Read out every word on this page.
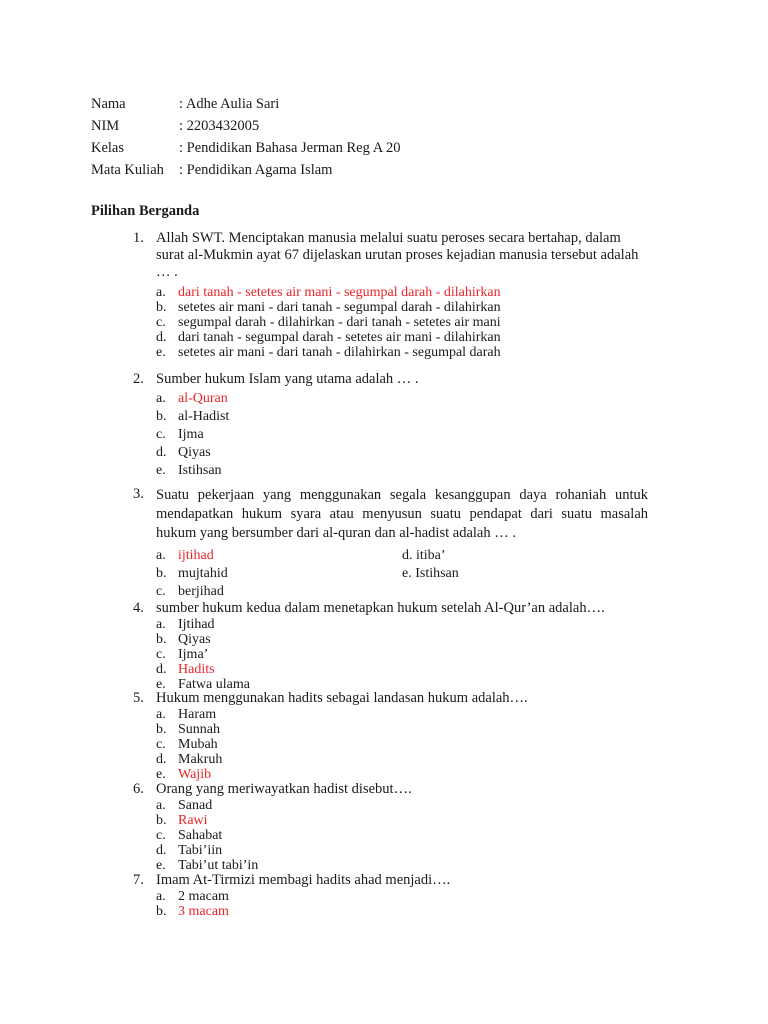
Nama	: Adhe Aulia Sari
NIM	: 2203432005
Kelas	: Pendidikan Bahasa Jerman Reg A 20
Mata Kuliah	: Pendidikan Agama Islam
Pilihan Berganda
1. Allah SWT. Menciptakan manusia melalui suatu peroses secara bertahap, dalam surat al-Mukmin ayat 67 dijelaskan urutan proses kejadian manusia tersebut adalah … .
a. dari tanah - setetes air mani - segumpal darah - dilahirkan
b. setetes air mani - dari tanah - segumpal darah - dilahirkan
c. segumpal darah - dilahirkan - dari tanah - setetes air mani
d. dari tanah - segumpal darah - setetes air mani - dilahirkan
e. setetes air mani - dari tanah - dilahirkan - segumpal darah
2. Sumber hukum Islam yang utama adalah … .
a. al-Quran
b. al-Hadist
c. Ijma
d. Qiyas
e. Istihsan
3. Suatu pekerjaan yang menggunakan segala kesanggupan daya rohaniah untuk mendapatkan hukum syara atau menyusun suatu pendapat dari suatu masalah hukum yang bersumber dari al-quran dan al-hadist adalah … .
a. ijtihad
b. mujtahid
c. berjihad
d. itiba’
e. Istihsan
4. sumber hukum kedua dalam menetapkan hukum setelah Al-Qur’an adalah….
a. Ijtihad
b. Qiyas
c. Ijma’
d. Hadits
e. Fatwa ulama
5. Hukum menggunakan hadits sebagai landasan hukum adalah….
a. Haram
b. Sunnah
c. Mubah
d. Makruh
e. Wajib
6. Orang yang meriwayatkan hadist disebut….
a. Sanad
b. Rawi
c. Sahabat
d. Tabi’iin
e. Tabi’ut tabi’in
7. Imam At-Tirmizi membagi hadits ahad menjadi….
a. 2 macam
b. 3 macam
